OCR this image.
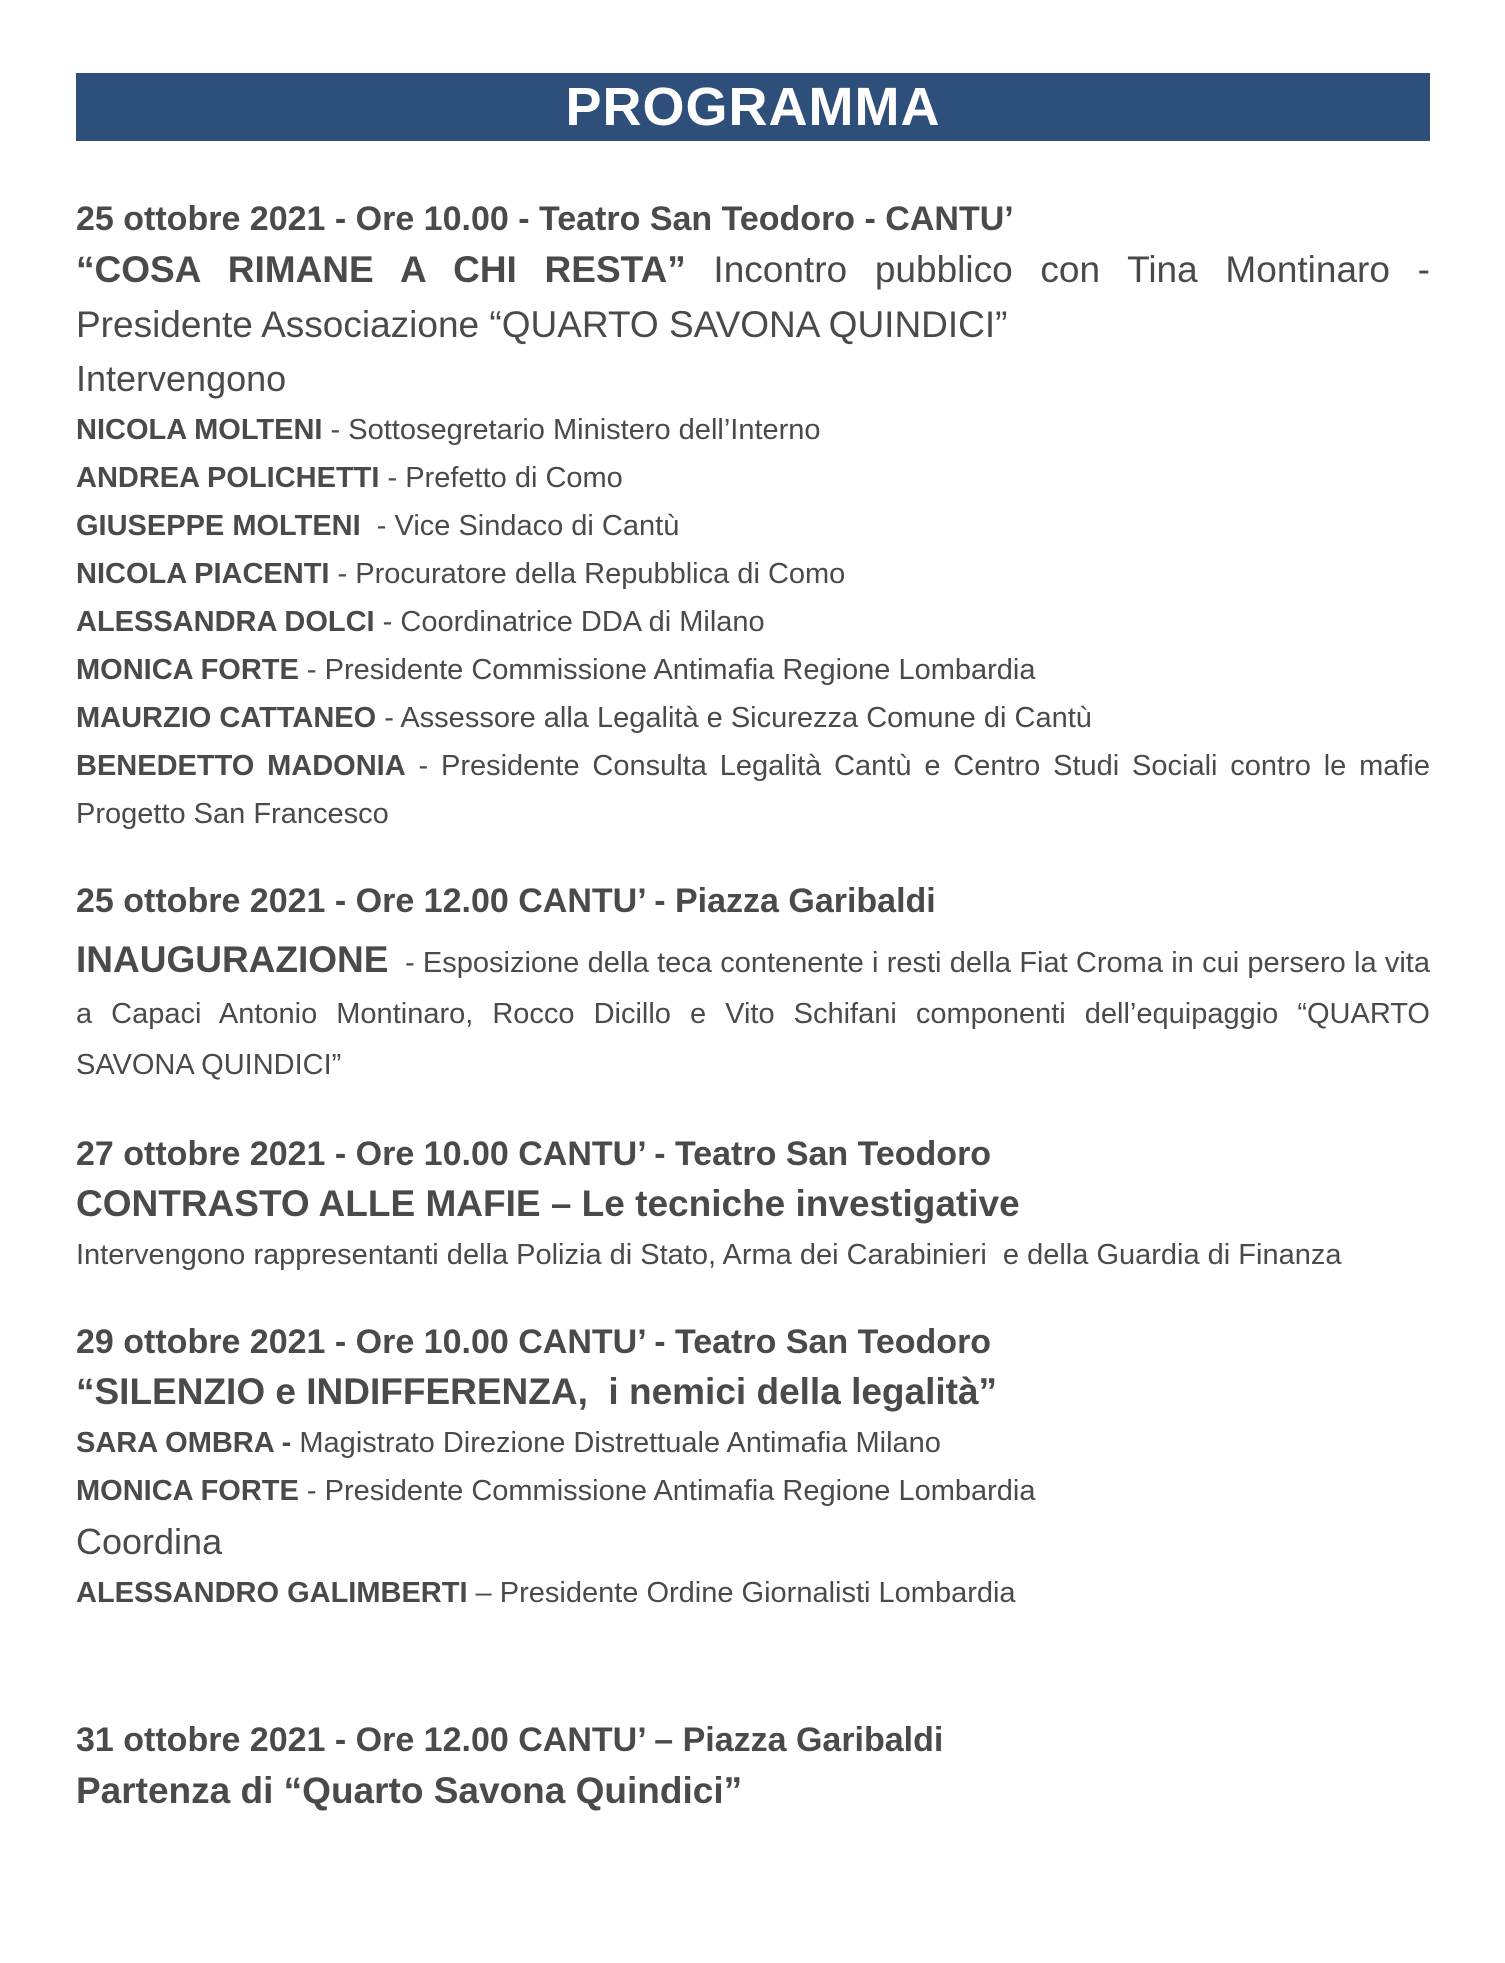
PROGRAMMA
25 ottobre 2021 - Ore 10.00 - Teatro San Teodoro - CANTU’
“COSA RIMANE A CHI RESTA” Incontro pubblico con Tina Montinaro -
Presidente Associazione “QUARTO SAVONA QUINDICI”
Intervengono
NICOLA MOLTENI - Sottosegretario Ministero dell’Interno
ANDREA POLICHETTI - Prefetto di Como
GIUSEPPE MOLTENI  - Vice Sindaco di Cantù
NICOLA PIACENTI - Procuratore della Repubblica di Como
ALESSANDRA DOLCI - Coordinatrice DDA di Milano
MONICA FORTE - Presidente Commissione Antimafia Regione Lombardia
MAURZIO CATTANEO - Assessore alla Legalità e Sicurezza Comune di Cantù
BENEDETTO MADONIA - Presidente Consulta Legalità Cantù e Centro Studi Sociali contro le mafie Progetto San Francesco
25 ottobre 2021 - Ore 12.00 CANTU’ - Piazza Garibaldi
INAUGURAZIONE  - Esposizione della teca contenente i resti della Fiat Croma in cui persero la vita a Capaci Antonio Montinaro, Rocco Dicillo e Vito Schifani componenti dell’equipaggio “QUARTO SAVONA QUINDICI”
27 ottobre 2021 - Ore 10.00 CANTU’ - Teatro San Teodoro
CONTRASTO ALLE MAFIE – Le tecniche investigative
Intervengono rappresentanti della Polizia di Stato, Arma dei Carabinieri  e della Guardia di Finanza
29 ottobre 2021 - Ore 10.00 CANTU’ - Teatro San Teodoro
“SILENZIO e INDIFFERENZA,  i nemici della legalità”
SARA OMBRA - Magistrato Direzione Distrettuale Antimafia Milano
MONICA FORTE - Presidente Commissione Antimafia Regione Lombardia
Coordina
ALESSANDRO GALIMBERTI – Presidente Ordine Giornalisti Lombardia
31 ottobre 2021 - Ore 12.00 CANTU’ – Piazza Garibaldi
Partenza di “Quarto Savona Quindici”
